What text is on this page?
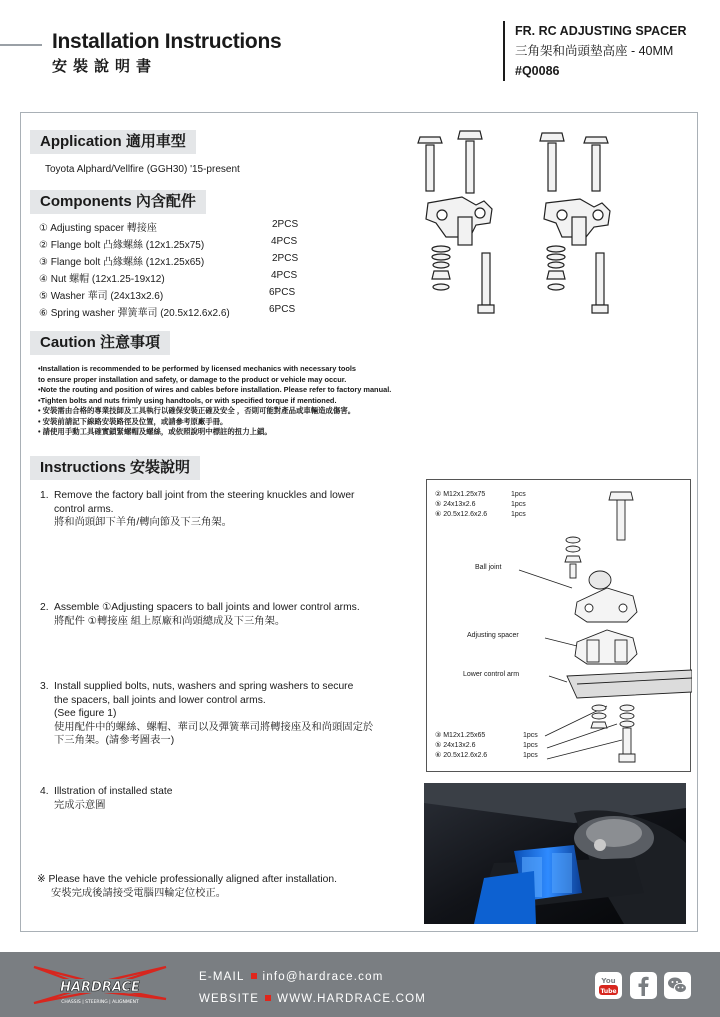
Installation Instructions
安裝說明書
FR. RC ADJUSTING SPACER
三角架和尚頭墊高座 - 40MM
#Q0086
Application 適用車型
Toyota Alphard/Vellfire (GGH30) '15-present
Components 內含配件
① Adjusting spacer 轉接座	2PCS
② Flange bolt 凸緣螺絲 (12x1.25x75)	4PCS
③ Flange bolt 凸緣螺絲 (12x1.25x65)	2PCS
④ Nut 螺帽 (12x1.25-19x12)	4PCS
⑤ Washer 華司 (24x13x2.6)	6PCS
⑥ Spring washer 彈簧華司 (20.5x12.6x2.6)	6PCS
Caution 注意事項
•Installation is recommended to be performed by licensed mechanics with necessary tools
to ensure proper installation and safety, or damage to the product or vehicle may occur.
•Note the routing and position of wires and cables before installation. Please refer to factory manual.
•Tighten bolts and nuts frimly using handtools, or with specified torque if mentioned.
• 安裝需由合格的專業技師及工具執行以確保安裝正確及安全 ，否則可能對產品或車輛造成傷害。
• 安裝前請記下線路安裝路徑及位置，或請參考原廠手冊。
• 請使用手動工具確實鎖緊螺帽及螺絲，或依照說明中標註的扭力上鎖。
Instructions 安裝說明
1. Remove the factory ball joint from the steering knuckles and lower
control arms.
將和尚頭卸下羊角/轉向節及下三角架。
2. Assemble ①Adjusting spacers to ball joints and lower control arms.
將配件 ①轉接座 組上原廠和尚頭總成及下三角架。
3. Install supplied bolts, nuts, washers and spring washers to secure
the spacers, ball joints and lower control arms.
(See figure 1)
使用配件中的螺絲、螺帽、華司以及彈簧華司將轉接座及和尚頭固定於
下三角架。(請參考圖表一)
4. Illstration of installed state
完成示意圖
※ Please have the vehicle professionally aligned after installation.
安裝完成後請接受電腦四輪定位校正。
② M12x1.25x75
⑤ 24x13x2.6
⑥ 20.5x12.6x2.6
1pcs
1pcs
1pcs
Ball joint
Adjusting spacer
Lower control arm
③ M12x1.25x65
⑤ 24x13x2.6
⑥ 20.5x12.6x2.6
1pcs
1pcs
1pcs
HARDRACE
CHASSIS | STEERING | ALIGNMENT
E-MAIL info@hardrace.com
WEBSITE WWW.HARDRACE.COM
You
Tube
